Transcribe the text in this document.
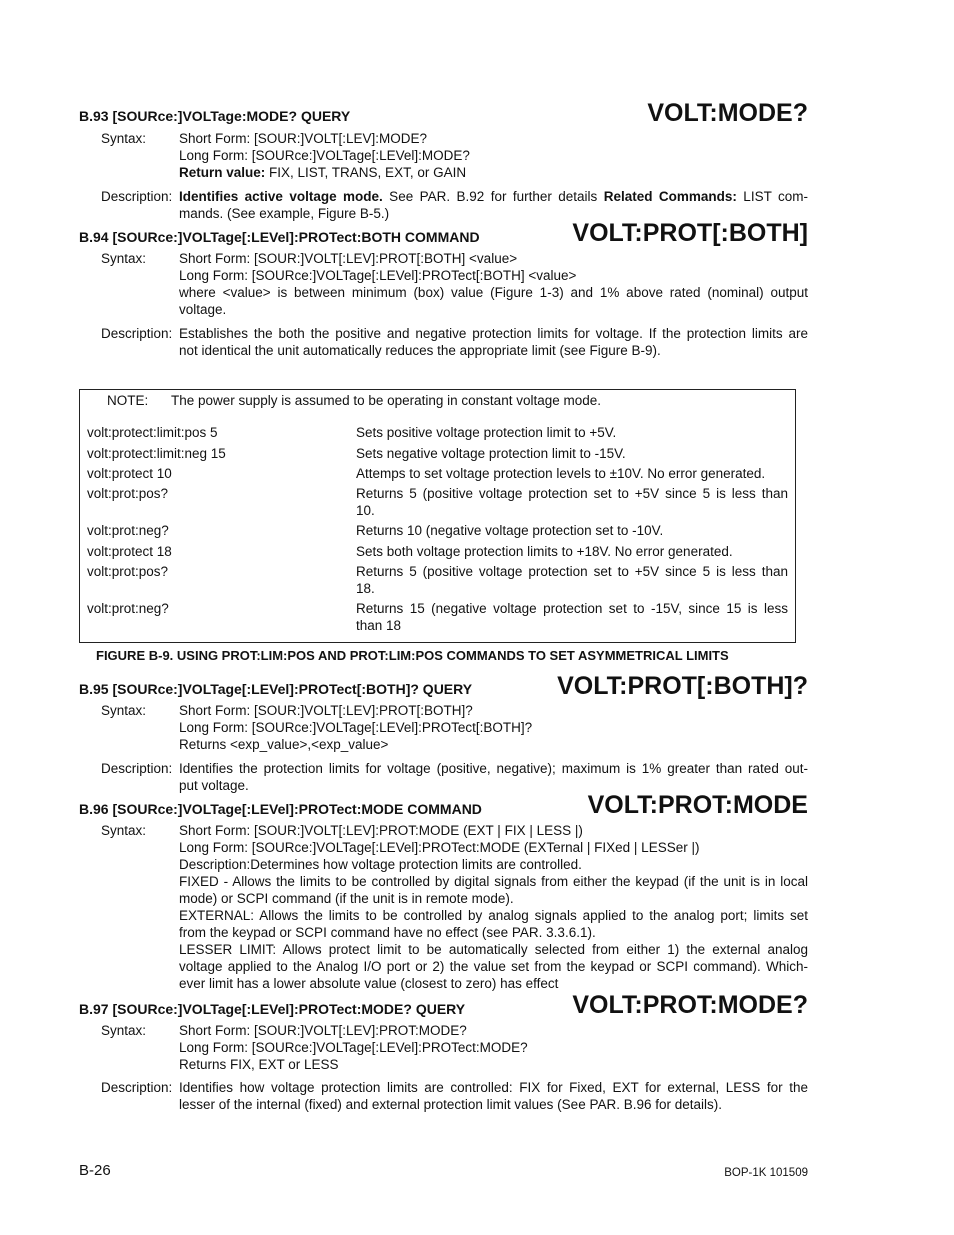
B.93 [SOURce:]VOLTage:MODE? QUERY	VOLT:MODE?
Syntax: Short Form: [SOUR:]VOLT[:LEV]:MODE?
Long Form: [SOURce:]VOLTage[:LEVel]:MODE?
Return value: FIX, LIST, TRANS, EXT, or GAIN
Description: Identifies active voltage mode. See PAR. B.92 for further details Related Commands: LIST com-
mands. (See example, Figure B-5.)
B.94 [SOURce:]VOLTage[:LEVel]:PROTect:BOTH COMMAND	VOLT:PROT[:BOTH]
Syntax: Short Form: [SOUR:]VOLT[:LEV]:PROT[:BOTH] <value>
Long Form: [SOURce:]VOLTage[:LEVel]:PROTect[:BOTH] <value>
where <value> is between minimum (box) value (Figure 1-3) and 1% above rated (nominal) output
voltage.
Description: Establishes the both the positive and negative protection limits for voltage. If the protection limits are
not identical the unit automatically reduces the appropriate limit (see Figure B-9).
NOTE: The power supply is assumed to be operating in constant voltage mode.
volt:protect:limit:pos 5	Sets positive voltage protection limit to +5V.
volt:protect:limit:neg 15	Sets negative voltage protection limit to -15V.
volt:protect 10	Attemps to set voltage protection levels to ±10V. No error generated.
volt:prot:pos?	Returns 5 (positive voltage protection set to +5V since 5 is less than
10.
volt:prot:neg?	Returns 10 (negative voltage protection set to -10V.
volt:protect 18	Sets both voltage protection limits to +18V. No error generated.
volt:prot:pos?	Returns 5 (positive voltage protection set to +5V since 5 is less than
18.
volt:prot:neg?	Returns 15 (negative voltage protection set to -15V, since 15 is less
than 18
FIGURE B-9. USING PROT:LIM:POS AND PROT:LIM:POS COMMANDS TO SET ASYMMETRICAL LIMITS
B.95 [SOURce:]VOLTage[:LEVel]:PROTect[:BOTH]? QUERY	VOLT:PROT[:BOTH]?
Syntax: Short Form: [SOUR:]VOLT[:LEV]:PROT[:BOTH]?
Long Form: [SOURce:]VOLTage[:LEVel]:PROTect[:BOTH]?
Returns <exp_value>,<exp_value>
Description: Identifies the protection limits for voltage (positive, negative); maximum is 1% greater than rated out-
put voltage.
B.96 [SOURce:]VOLTage[:LEVel]:PROTect:MODE COMMAND	VOLT:PROT:MODE
Syntax: Short Form: [SOUR:]VOLT[:LEV]:PROT:MODE (EXT | FIX | LESS |)
Long Form: [SOURce:]VOLTage[:LEVel]:PROTect:MODE (EXTernal | FIXed | LESSer |)
Description:Determines how voltage protection limits are controlled.
FIXED - Allows the limits to be controlled by digital signals from either the keypad (if the unit is in local
mode) or SCPI command (if the unit is in remote mode).
EXTERNAL: Allows the limits to be controlled by analog signals applied to the analog port; limits set
from the keypad or SCPI command have no effect (see PAR. 3.3.6.1).
LESSER LIMIT: Allows protect limit to be automatically selected from either 1) the external analog
voltage applied to the Analog I/O port or 2) the value set from the keypad or SCPI command). Which-
ever limit has a lower absolute value (closest to zero) has effect
B.97 [SOURce:]VOLTage[:LEVel]:PROTect:MODE? QUERY	VOLT:PROT:MODE?
Syntax: Short Form: [SOUR:]VOLT[:LEV]:PROT:MODE?
Long Form: [SOURce:]VOLTage[:LEVel]:PROTect:MODE?
Returns FIX, EXT or LESS
Description: Identifies how voltage protection limits are controlled: FIX for Fixed, EXT for external, LESS for the
lesser of the internal (fixed) and external protection limit values (See PAR. B.96 for details).
B-26	BOP-1K 101509
